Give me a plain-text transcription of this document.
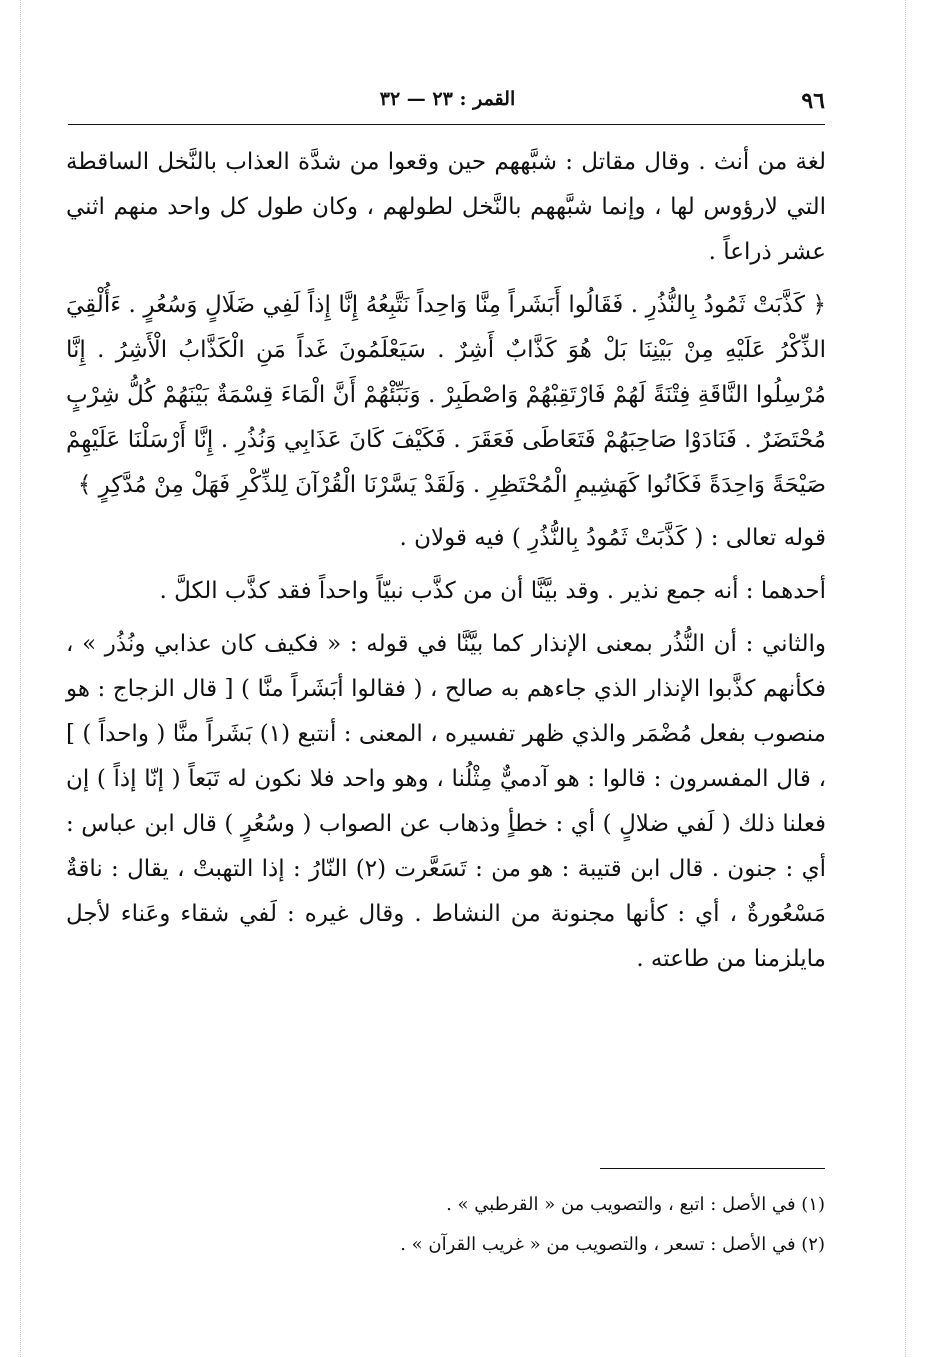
القمر : ٢٣ — ٣٢	٩٦

لغة من أنث . وقال مقاتل : شبَّههم حين وقعوا من شدَّة العذاب بالنَّخل الساقطة التي لارؤوس لها ، وإنما شبَّههم بالنَّخل لطولهم ، وكان طول كل واحد منهم اثني عشر ذراعاً .

﴿ كَذَّبَتْ ثَمُودُ بِالنُّذُرِ . فَقَالُوا أَبَشَراً مِنَّا وَاحِداً نَتَّبِعُهُ إِنَّا إِذاً لَفِي ضَلَالٍ وَسُعُرٍ . ءَأُلْقِيَ الذِّكْرُ عَلَيْهِ مِنْ بَيْنِنَا بَلْ هُوَ كَذَّابٌ أَشِرٌ . سَيَعْلَمُونَ غَداً مَنِ الْكَذَّابُ الْأَشِرُ . إِنَّا مُرْسِلُوا النَّاقَةِ فِتْنَةً لَهُمْ فَارْتَقِبْهُمْ وَاصْطَبِرْ . وَنَبِّئْهُمْ أَنَّ الْمَاءَ قِسْمَةٌ بَيْنَهُمْ كُلُّ شِرْبٍ مُحْتَضَرٌ . فَنَادَوْا صَاحِبَهُمْ فَتَعَاطَى فَعَقَرَ . فَكَيْفَ كَانَ عَذَابِي وَنُذُرِ . إِنَّا أَرْسَلْنَا عَلَيْهِمْ صَيْحَةً وَاحِدَةً فَكَانُوا كَهَشِيمِ الْمُحْتَظِرِ . وَلَقَدْ يَسَّرْنَا الْقُرْآنَ لِلذِّكْرِ فَهَلْ مِنْ مُدَّكِرٍ ﴾

قوله تعالى : ( كَذَّبَتْ ثَمُودُ بِالنُّذُرِ ) فيه قولان .

أحدهما : أنه جمع نذير . وقد بيَّنَّا أن من كذَّب نبيّاً واحداً فقد كذَّب الكلَّ .

والثاني : أن النُّذُر بمعنى الإنذار كما بيَّنَّا في قوله : « فكيف كان عذابي ونُذُر » ، فكأنهم كذَّبوا الإنذار الذي جاءهم به صالح ، ( فقالوا أبَشَراً منَّا ) [ قال الزجاج : هو منصوب بفعل مُضْمَر والذي ظهر تفسيره ، المعنى : أنتبع (١) بَشَراً منَّا ( واحداً ) ] ، قال المفسرون : قالوا : هو آدميٌّ مِثْلُنا ، وهو واحد فلا نكون له تَبَعاً ( إنّا إذاً ) إن فعلنا ذلك ( لَفي ضلالٍ ) أي : خطأٍ وذهاب عن الصواب ( وسُعُرٍ ) قال ابن عباس : أي : جنون . قال ابن قتيبة : هو من : تَسَعَّرت (٢) النّارُ : إذا التهبتْ ، يقال : ناقةٌ مَسْعُورةٌ ، أي : كأنها مجنونة من النشاط . وقال غيره : لَفي شقاء وعَناء لأجل مايلزمنا من طاعته .

(١) في الأصل : اتبع ، والتصويب من « القرطبي » .

(٢) في الأصل : تسعر ، والتصويب من « غريب القرآن » .
